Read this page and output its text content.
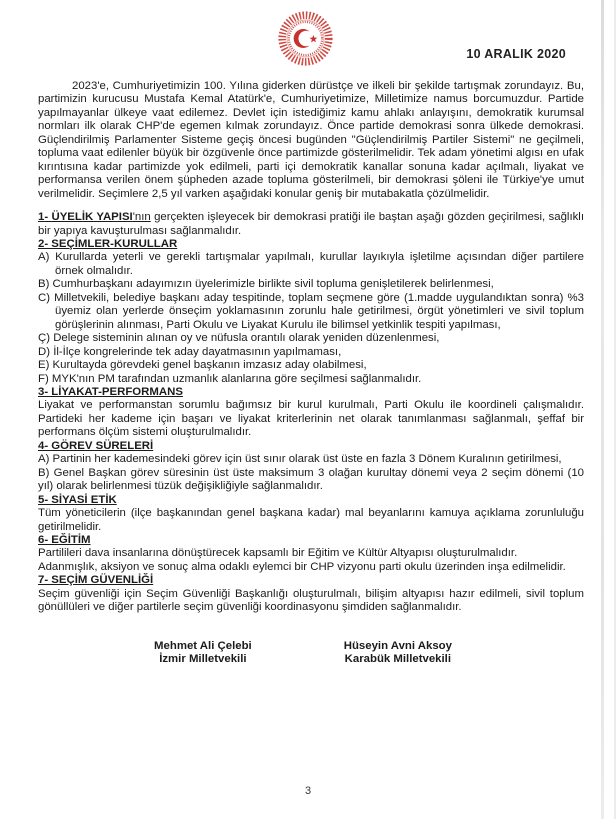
10 ARALIK 2020

2023'e, Cumhuriyetimizin 100. Yılına giderken dürüstçe ve ilkeli bir şekilde tartışmak zorundayız. Bu, partimizin kurucusu Mustafa Kemal Atatürk'e, Cumhuriyetimize, Milletimize namus borcumuzdur. Partide yapılmayanlar ülkeye vaat edilemez. Devlet için istediğimiz kamu ahlakı anlayışını, demokratik kurumsal normları ilk olarak CHP'de egemen kılmak zorundayız. Önce partide demokrasi sonra ülkede demokrasi. Güçlendirilmiş Parlamenter Sisteme geçiş öncesi bugünden "Güçlendirilmiş Partiler Sistemi" ne geçilmeli, topluma vaat edilenler büyük bir özgüvenle önce partimizde gösterilmelidir. Tek adam yönetimi algısı en ufak kırıntısına kadar partimizde yok edilmeli, parti içi demokratik kanallar sonuna kadar açılmalı, liyakat ve performansa verilen önem şüpheden azade topluma gösterilmeli, bir demokrasi şöleni ile Türkiye'ye umut verilmelidir. Seçimlere 2,5 yıl varken aşağıdaki konular geniş bir mutabakatla çözülmelidir.

1- ÜYELİK YAPISI'nın gerçekten işleyecek bir demokrasi pratiği ile baştan aşağı gözden geçirilmesi, sağlıklı bir yapıya kavuşturulması sağlanmalıdır.
2- SEÇİMLER-KURULLAR

A) Kurullarda yeterli ve gerekli tartışmalar yapılmalı, kurullar layıkıyla işletilme açısından diğer partilere örnek olmalıdır.

B) Cumhurbaşkanı adayımızın üyelerimizle birlikte sivil topluma genişletilerek belirlenmesi,

C) Milletvekili, belediye başkanı aday tespitinde, toplam seçmene göre (1.madde uygulandıktan sonra) %3 üyemiz olan yerlerde önseçim yoklamasının zorunlu hale getirilmesi, örgüt yönetimleri ve sivil toplum görüşlerinin alınması, Parti Okulu ve Liyakat Kurulu ile bilimsel yetkinlik tespiti yapılması,

Ç) Delege sisteminin alınan oy ve nüfusla orantılı olarak yeniden düzenlenmesi,

D) İl-İlçe kongrelerinde tek aday dayatmasının yapılmaması,

E) Kurultayda görevdeki genel başkanın imzasız aday olabilmesi,

F) MYK'nın PM tarafından uzmanlık alanlarına göre seçilmesi sağlanmalıdır.

3- LİYAKAT-PERFORMANS

Liyakat ve performanstan sorumlu bağımsız bir kurul kurulmalı, Parti Okulu ile koordineli çalışmalıdır. Partideki her kademe için başarı ve liyakat kriterlerinin net olarak tanımlanması sağlanmalı, şeffaf bir performans ölçüm sistemi oluşturulmalıdır.

4- GÖREV SÜRELERİ

A) Partinin her kademesindeki görev için üst sınır olarak üst üste en fazla 3 Dönem Kuralının getirilmesi,

B) Genel Başkan görev süresinin üst üste maksimum 3 olağan kurultay dönemi veya 2 seçim dönemi (10 yıl) olarak belirlenmesi tüzük değişikliğiyle sağlanmalıdır.

5- SİYASİ ETİK

Tüm yöneticilerin (ilçe başkanından genel başkana kadar) mal beyanlarını kamuya açıklama zorunluluğu getirilmelidir.

6- EĞİTİM

Partilileri dava insanlarına dönüştürecek kapsamlı bir Eğitim ve Kültür Altyapısı oluşturulmalıdır.

Adanmışlık, aksiyon ve sonuç alma odaklı eylemci bir CHP vizyonu parti okulu üzerinden inşa edilmelidir.

7- SEÇİM GÜVENLİĞİ

Seçim güvenliği için Seçim Güvenliği Başkanlığı oluşturulmalı, bilişim altyapısı hazır edilmeli, sivil toplum gönüllüleri ve diğer partilerle seçim güvenliği koordinasyonu şimdiden sağlanmalıdır.

Mehmet Ali Çelebi
İzmir Milletvekili
Hüseyin Avni Aksoy
Karabük Milletvekili
3
